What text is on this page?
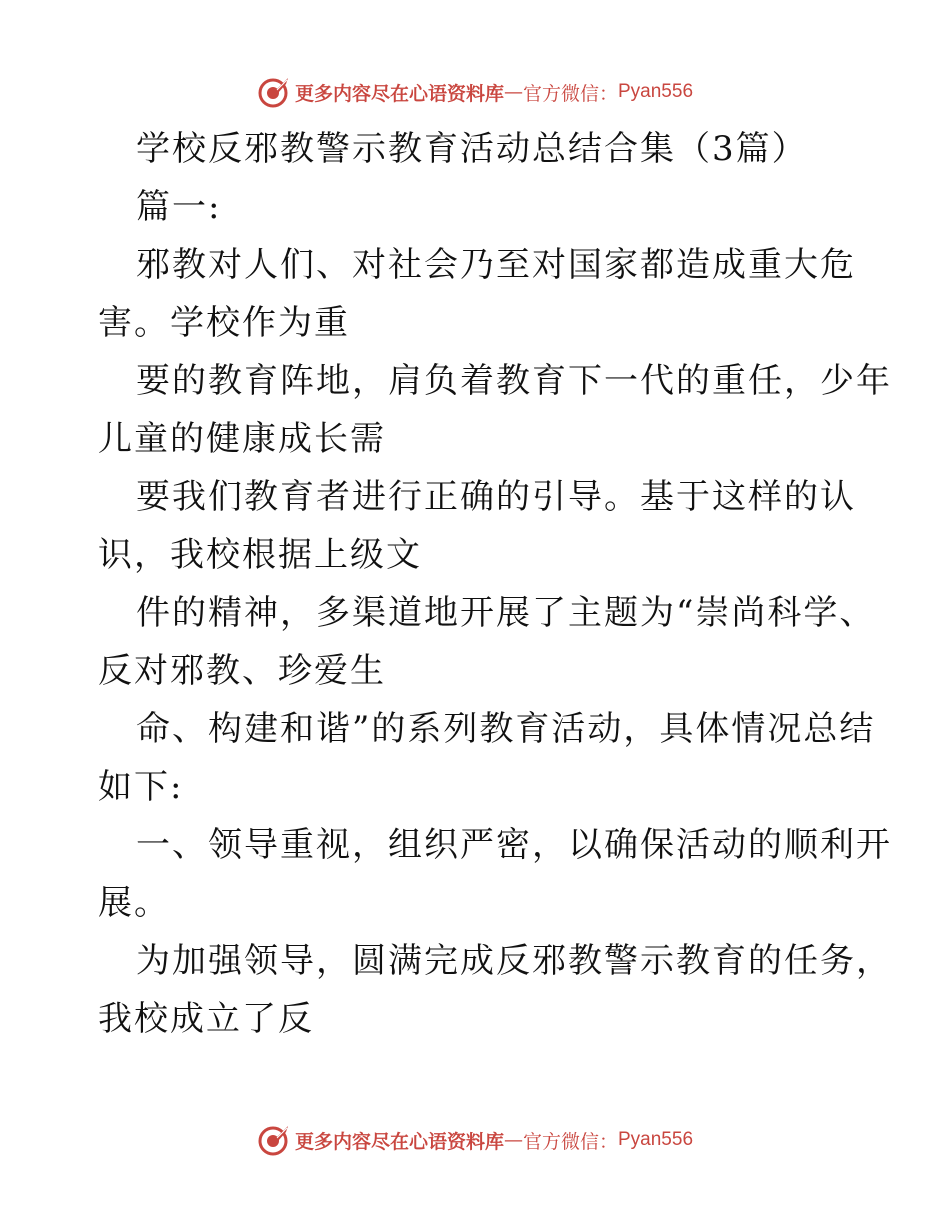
更多内容尽在心语资料库 — 官方微信： Pyan556
学校反邪教警示教育活动总结合集（3篇）
篇一:
邪教对人们、对社会乃至对国家都造成重大危
害。学校作为重
要的教育阵地，肩负着教育下一代的重任，少年
儿童的健康成长需
要我们教育者进行正确的引导。基于这样的认
识，我校根据上级文
件的精神，多渠道地开展了主题为“崇尚科学、
反对邪教、珍爱生
命、构建和谐”的系列教育活动，具体情况总结
如下:
一、领导重视，组织严密，以确保活动的顺利开
展。
为加强领导，圆满完成反邪教警示教育的任务，
我校成立了反
更多内容尽在心语资料库 — 官方微信： Pyan556
